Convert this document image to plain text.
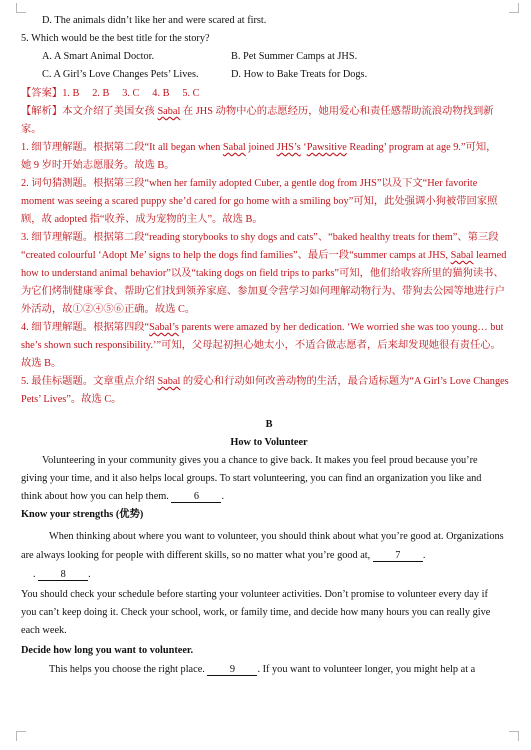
D. The animals didn’t like her and were scared at first.
5. Which would be the best title for the story?
A. A Smart Animal Doctor.	B. Pet Summer Camps at JHS.
C. A Girl’s Love Changes Pets’ Lives.	D. How to Bake Treats for Dogs.
【答案】1. B     2. B     3. C     4. B     5. C
【解析】本文介绍了美国女孩 Sabal 在 JHS 动物中心的志愿经历，她用爱心和责任感帮助流浪动物找到新
家。
1. 细节理解题。根据第二段“It all began when Sabal joined JHS’s ‘Pawsitive Reading’ program at age 9.”可知，
她 9 岁时开始志愿服务。故选 B。
2. 词句猜测题。根据第三段“when her family adopted Cuber, a gentle dog from JHS”以及下文“Her favorite
moment was seeing a scared puppy she’d cared for go home with a smiling boy”可知，此处强调小狗被带回家照
顾，故 adopted 指“收养、成为宠物的主人”。故选 B。
3. 细节理解题。根据第二段“reading storybooks to shy dogs and cats”、“baked healthy treats for them”、第三段
“created colourful ‘Adopt Me’ signs to help the dogs find families”、最后一段“summer camps at JHS, Sabal learned
how to understand animal behavior”以及“taking dogs on field trips to parks”可知，他们给收容所里的猫狗读书、
为它们烤制健康零食、帮助它们找到领养家庭、参加夏令营学习如何理解动物行为、带狗去公园等地进行户
外活动，故①②④⑤⑥正确。故选 C。
4. 细节理解题。根据第四段“Sabal’s parents were amazed by her dedication. ‘We worried she was too young… but
she’s shown such responsibility.’”可知，父母起初担心她太小，不适合做志愿者，后来却发现她很有责任心。
故选 B。
5. 最佳标题题。文章重点介绍 Sabal 的爱心和行动如何改善动物的生活，最合适标题为“A Girl’s Love Changes
Pets’ Lives”。故选 C。
B
How to Volunteer
Volunteering in your community gives you a chance to give back. It makes you feel proud because you’re
giving your time, and it also helps local groups. To start volunteering, you can find an organization you like and
think about how you can help them. 6 .
Know your strengths (优势)
When thinking about where you want to volunteer, you should think about what you’re good at. Organizations
are always looking for people with different skills, so no matter what you’re good at, 7 .
. 8 .
You should check your schedule before starting your volunteer activities. Don’t promise to volunteer every day if
you can’t keep doing it. Check your school, work, or family time, and decide how many hours you can really give
each week.
Decide how long you want to volunteer.
This helps you choose the right place. 9 . If you want to volunteer longer, you might help at a
